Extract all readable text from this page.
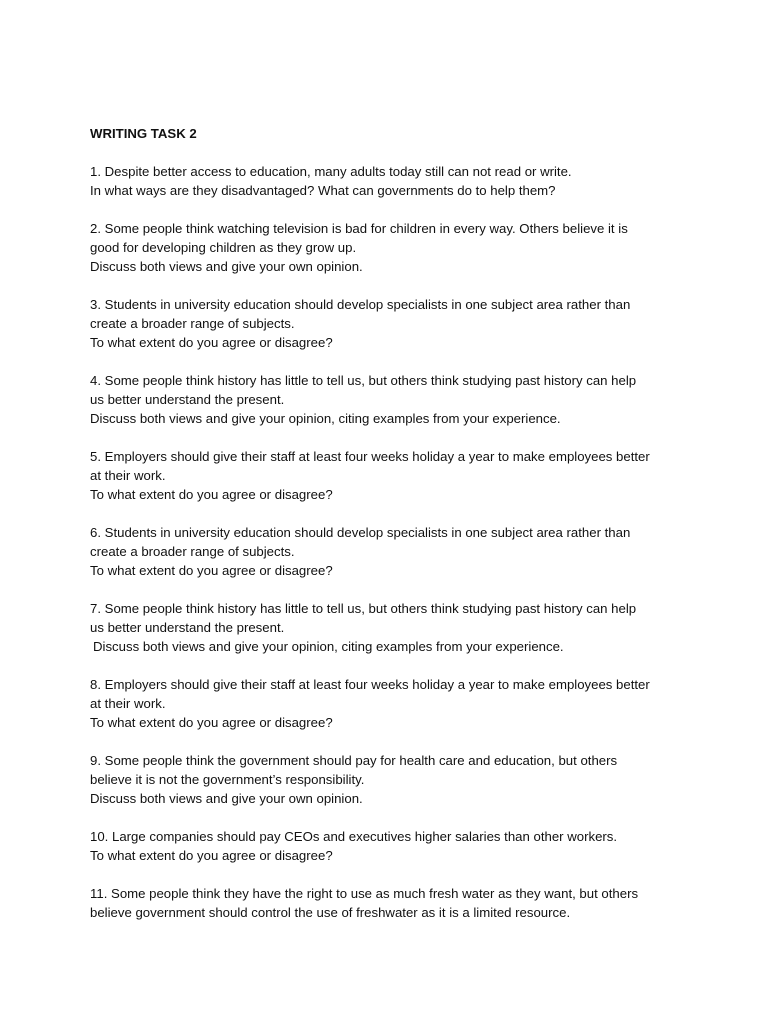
WRITING TASK 2
1. Despite better access to education, many adults today still can not read or write.
In what ways are they disadvantaged? What can governments do to help them?
2. Some people think watching television is bad for children in every way. Others believe it is
good for developing children as they grow up.
Discuss both views and give your own opinion.
3. Students in university education should develop specialists in one subject area rather than
create a broader range of subjects.
To what extent do you agree or disagree?
4. Some people think history has little to tell us, but others think studying past history can help
us better understand the present.
Discuss both views and give your opinion, citing examples from your experience.
5. Employers should give their staff at least four weeks holiday a year to make employees better
at their work.
To what extent do you agree or disagree?
6. Students in university education should develop specialists in one subject area rather than
create a broader range of subjects.
To what extent do you agree or disagree?
7. Some people think history has little to tell us, but others think studying past history can help
us better understand the present.
Discuss both views and give your opinion, citing examples from your experience.
8. Employers should give their staff at least four weeks holiday a year to make employees better
at their work.
To what extent do you agree or disagree?
9. Some people think the government should pay for health care and education, but others
believe it is not the government’s responsibility.
Discuss both views and give your own opinion.
10. Large companies should pay CEOs and executives higher salaries than other workers.
To what extent do you agree or disagree?
11. Some people think they have the right to use as much fresh water as they want, but others
believe government should control the use of freshwater as it is a limited resource.
